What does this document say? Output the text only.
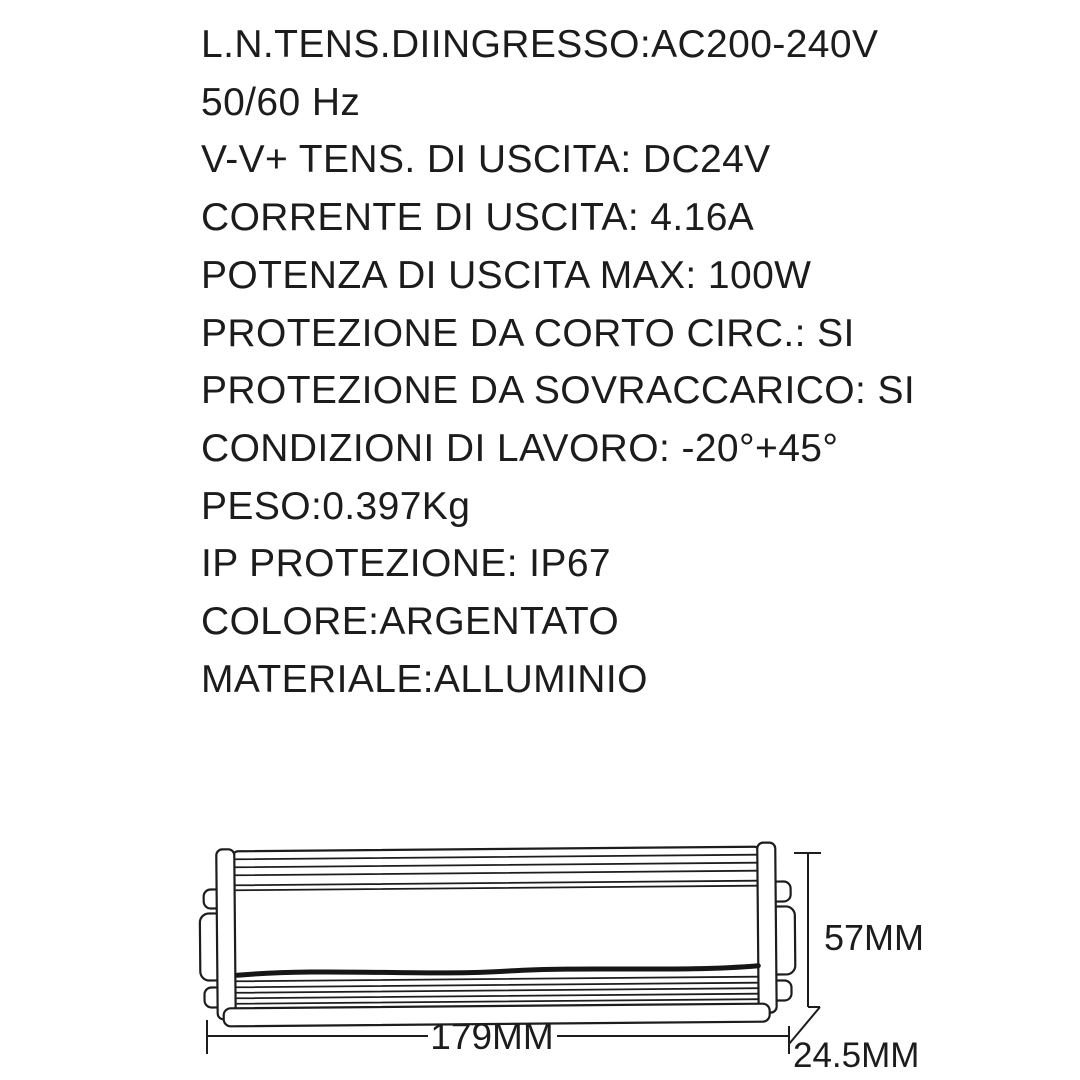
L.N.TENS.DIINGRESSO:AC200-240V
50/60 Hz
V-V+ TENS. DI USCITA: DC24V
CORRENTE DI USCITA: 4.16A
POTENZA DI USCITA MAX: 100W
PROTEZIONE DA CORTO CIRC.: SI
PROTEZIONE DA SOVRACCARICO: SI
CONDIZIONI DI LAVORO: -20°+45°
PESO:0.397Kg
IP PROTEZIONE: IP67
COLORE:ARGENTATO
MATERIALE:ALLUMINIO
57MM
179MM	24.5MM
